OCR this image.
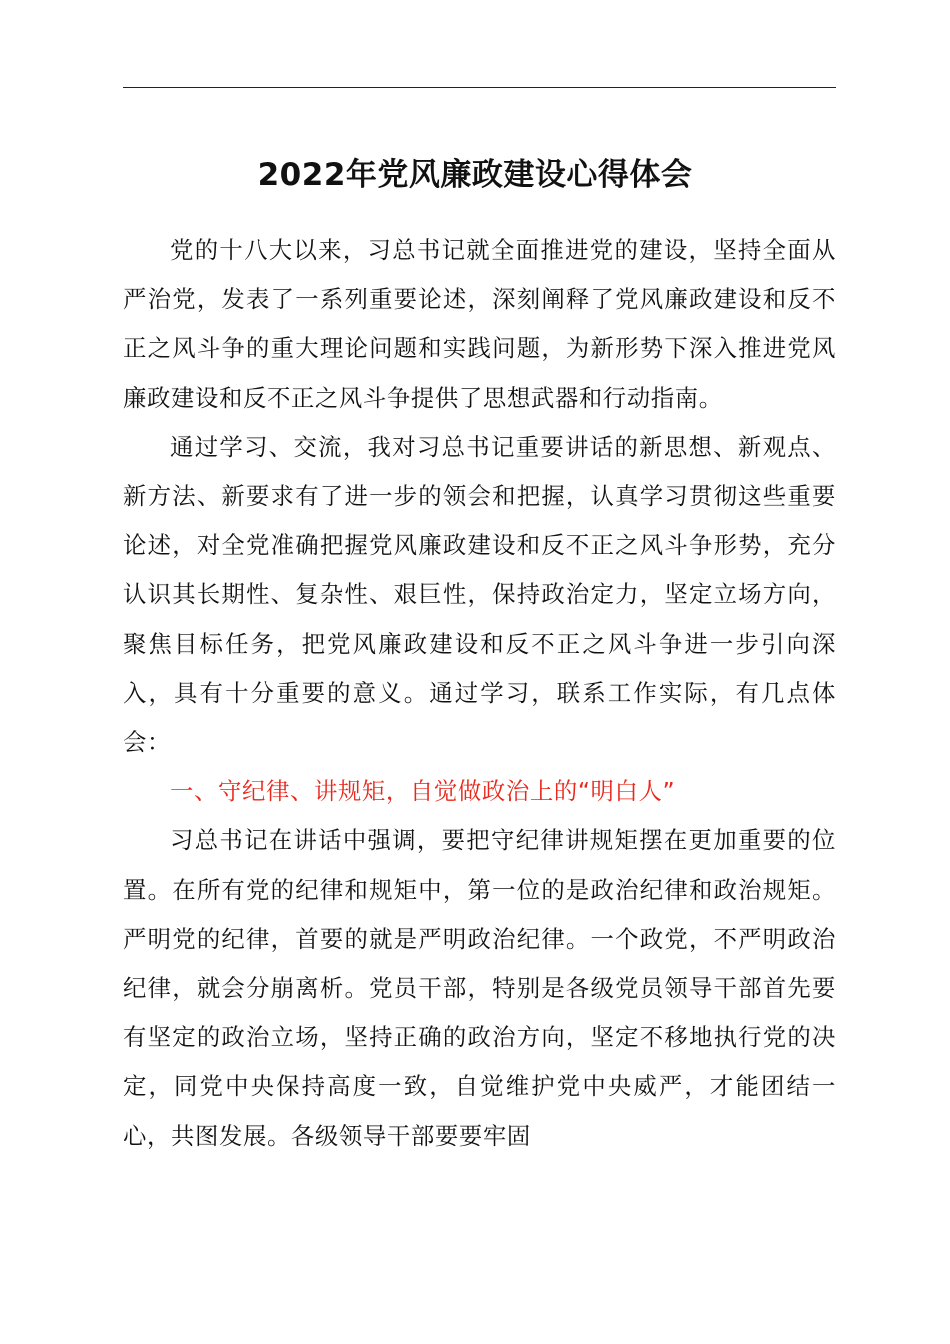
2022年党风廉政建设心得体会

党的十八大以来，习总书记就全面推进党的建设，坚持全面从严治党，发表了一系列重要论述，深刻阐释了党风廉政建设和反不正之风斗争的重大理论问题和实践问题，为新形势下深入推进党风廉政建设和反不正之风斗争提供了思想武器和行动指南。

通过学习、交流，我对习总书记重要讲话的新思想、新观点、新方法、新要求有了进一步的领会和把握，认真学习贯彻这些重要论述，对全党准确把握党风廉政建设和反不正之风斗争形势，充分认识其长期性、复杂性、艰巨性，保持政治定力，坚定立场方向，聚焦目标任务，把党风廉政建设和反不正之风斗争进一步引向深入，具有十分重要的意义。通过学习，联系工作实际，有几点体会：

一、守纪律、讲规矩，自觉做政治上的“明白人”

习总书记在讲话中强调，要把守纪律讲规矩摆在更加重要的位置。在所有党的纪律和规矩中，第一位的是政治纪律和政治规矩。严明党的纪律，首要的就是严明政治纪律。一个政党，不严明政治纪律，就会分崩离析。党员干部，特别是各级党员领导干部首先要有坚定的政治立场，坚持正确的政治方向，坚定不移地执行党的决定，同党中央保持高度一致，自觉维护党中央威严，才能团结一心，共图发展。各级领导干部要要牢固
